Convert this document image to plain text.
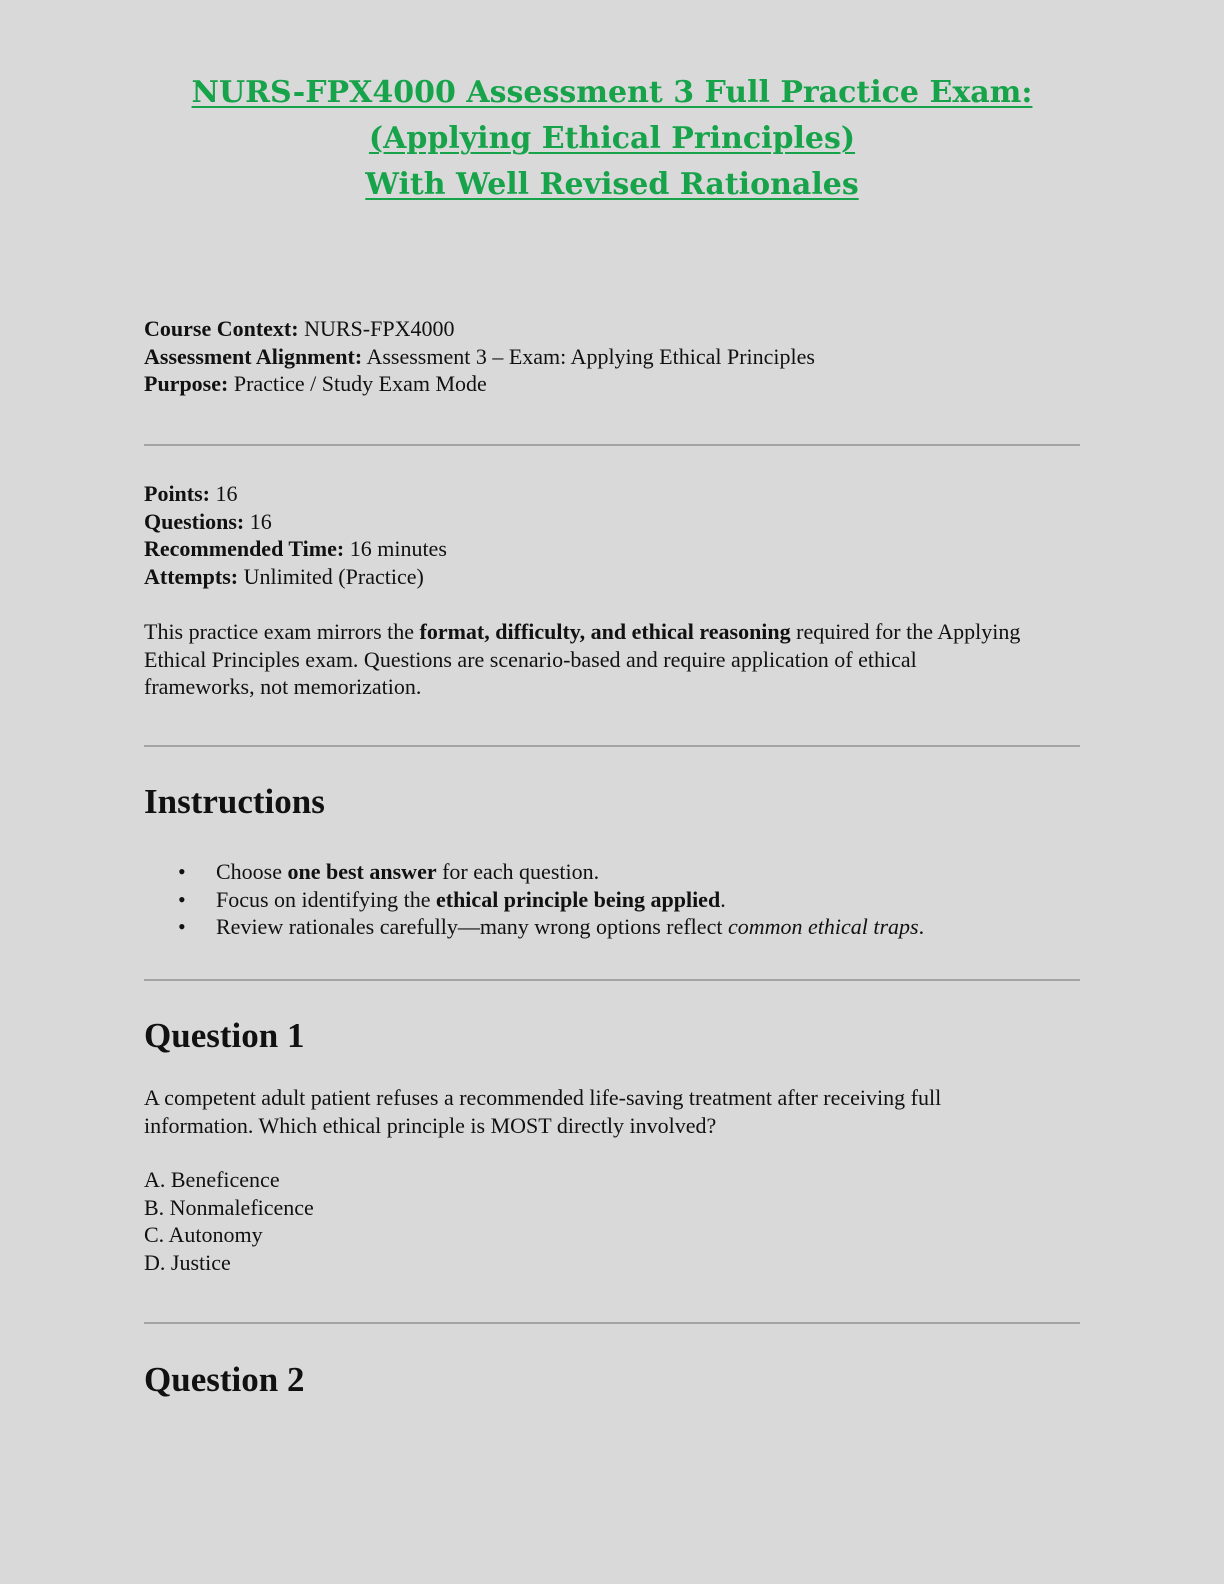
NURS-FPX4000 Assessment 3 Full Practice Exam:
(Applying Ethical Principles)
With Well Revised Rationales
Course Context: NURS-FPX4000
Assessment Alignment: Assessment 3 – Exam: Applying Ethical Principles
Purpose: Practice / Study Exam Mode
Points: 16
Questions: 16
Recommended Time: 16 minutes
Attempts: Unlimited (Practice)
This practice exam mirrors the format, difficulty, and ethical reasoning required for the Applying Ethical Principles exam. Questions are scenario-based and require application of ethical frameworks, not memorization.
Instructions
• Choose one best answer for each question.
• Focus on identifying the ethical principle being applied.
• Review rationales carefully—many wrong options reflect common ethical traps.
Question 1
A competent adult patient refuses a recommended life-saving treatment after receiving full information. Which ethical principle is MOST directly involved?
A. Beneficence
B. Nonmaleficence
C. Autonomy
D. Justice
Question 2
